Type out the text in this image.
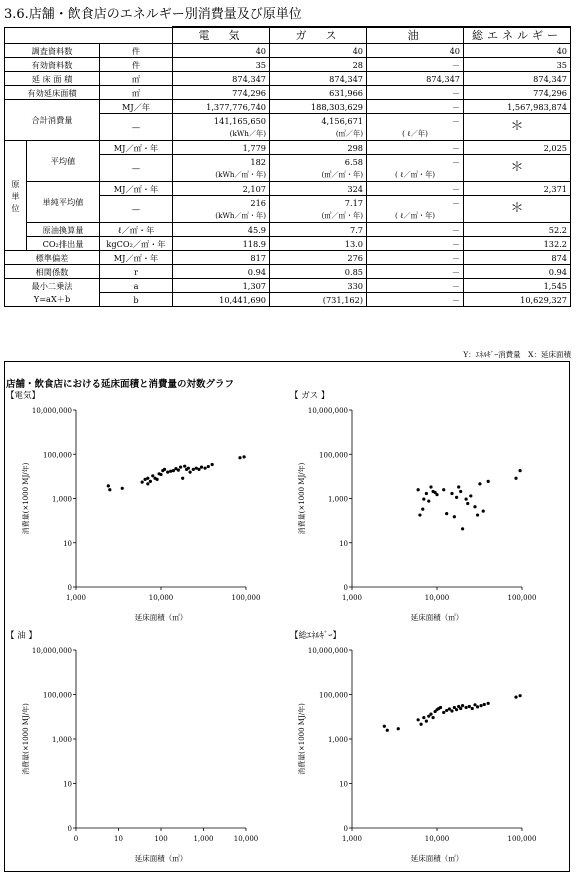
3.6.店舗・飲食店のエネルギー別消費量及び原単位
			電　気	ガ　ス	油	総エネルギー
調査資料数		件	40	40	40	40
有効資料数		件	35	28	－	35
延 床 面 積		㎡	874,347	874,347	874,347	874,347
有効延床面積		㎡	774,296	631,966	－	774,296
合計消費量		MJ／年	1,377,776,740	188,303,629	－	1,567,983,874
		—	141,165,650	4,156,671	－	＊
			(kWh／年)	(㎥／年)	( ℓ／年)	
原単位	平均値	MJ／㎡・年	1,779	298	－	2,025
		—	182	6.58	－	＊
			(kWh／㎡・年)	(㎥／㎡・年)	( ℓ／㎡・年)	
	単純平均値	MJ／㎡・年	2,107	324	－	2,371
		—	216	7.17	－	＊
			(kWh／㎡・年)	(㎥／㎡・年)	( ℓ／㎡・年)	
	原油換算量	ℓ／㎡・年	45.9	7.7	－	52.2
	CO₂排出量	kgCO₂／㎡・年	118.9	13.0	－	132.2
標準偏差		MJ／㎡・年	817	276	－	874
相関係数		r	0.94	0.85	－	0.94
最小二乗法		a	1,307	330	－	1,545
Y=aX＋b		b	10,441,690	(731,162)	－	10,629,327
Y：ｴﾈﾙｷﾞｰ消費量　X：延床面積
店舗・飲食店における延床面積と消費量の対数グラフ
【電気】
10,000,000
100,000
1,000
10
0
1,000	10,000	100,000
延床面積（㎡）
消費量(×1000 MJ/年)
【 ガス 】
10,000,000
100,000
1,000
10
0
1,000	10,000	100,000
延床面積（㎡）
消費量(×1000 MJ/年)
【 油 】
10,000,000
100,000
1,000
10
0
0	10	100	1,000	10,000
延床面積（㎡）
消費量(×1000 MJ/年)
【総ｴﾈﾙｷﾞｰ】
10,000,000
100,000
1,000
10
0
1,000	10,000	100,000
延床面積（㎡）
消費量(×1000 MJ/年)
